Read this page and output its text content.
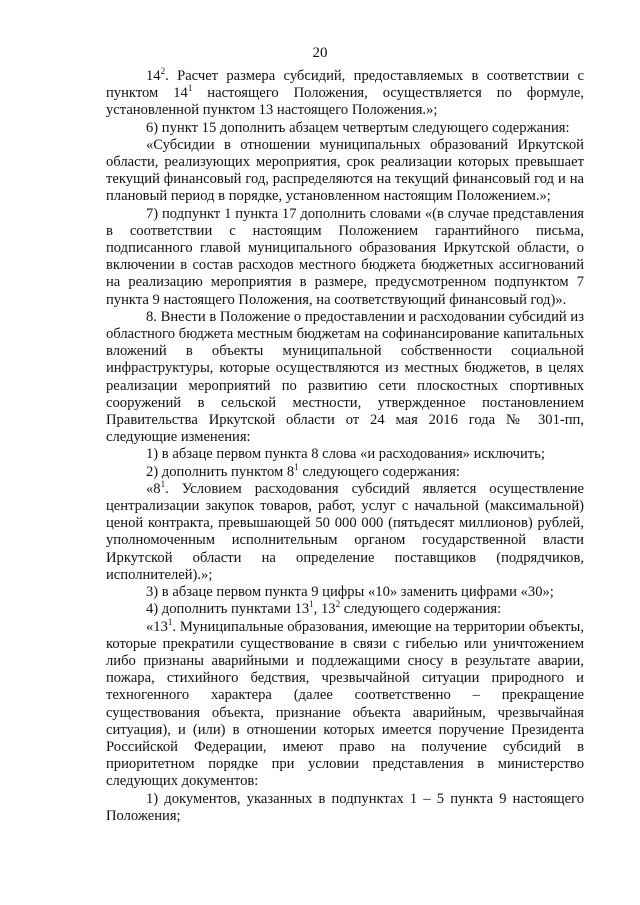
20

$14^2$. Расчет размера субсидий, предоставляемых в соответствии с пунктом $14^1$ настоящего Положения, осуществляется по формуле, установленной пунктом 13 настоящего Положения.»;

6) пункт 15 дополнить абзацем четвертым следующего содержания:

«Субсидии в отношении муниципальных образований Иркутской области, реализующих мероприятия, срок реализации которых превышает текущий финансовый год, распределяются на текущий финансовый год и на плановый период в порядке, установленном настоящим Положением.»;

7) подпункт 1 пункта 17 дополнить словами «(в случае представления в соответствии с настоящим Положением гарантийного письма, подписанного главой муниципального образования Иркутской области, о включении в состав расходов местного бюджета бюджетных ассигнований на реализацию мероприятия в размере, предусмотренном подпунктом 7 пункта 9 настоящего Положения, на соответствующий финансовый год)».

8. Внести в Положение о предоставлении и расходовании субсидий из областного бюджета местным бюджетам на софинансирование капитальных вложений в объекты муниципальной собственности социальной инфраструктуры, которые осуществляются из местных бюджетов, в целях реализации мероприятий по развитию сети плоскостных спортивных сооружений в сельской местности, утвержденное постановлением Правительства Иркутской области от 24 мая 2016 года № 301-пп, следующие изменения:

1) в абзаце первом пункта 8 слова «и расходования» исключить;

2) дополнить пунктом $8^1$ следующего содержания:

«$8^1$. Условием расходования субсидий является осуществление централизации закупок товаров, работ, услуг с начальной (максимальной) ценой контракта, превышающей 50 000 000 (пятьдесят миллионов) рублей, уполномоченным исполнительным органом государственной власти Иркутской области на определение поставщиков (подрядчиков, исполнителей).»;

3) в абзаце первом пункта 9 цифры «10» заменить цифрами «30»;

4) дополнить пунктами $13^1$, $13^2$ следующего содержания:

«$13^1$. Муниципальные образования, имеющие на территории объекты, которые прекратили существование в связи с гибелью или уничтожением либо признаны аварийными и подлежащими сносу в результате аварии, пожара, стихийного бедствия, чрезвычайной ситуации природного и техногенного характера (далее соответственно – прекращение существования объекта, признание объекта аварийным, чрезвычайная ситуация), и (или) в отношении которых имеется поручение Президента Российской Федерации, имеют право на получение субсидий в приоритетном порядке при условии представления в министерство следующих документов:

1) документов, указанных в подпунктах 1 – 5 пункта 9 настоящего Положения;
